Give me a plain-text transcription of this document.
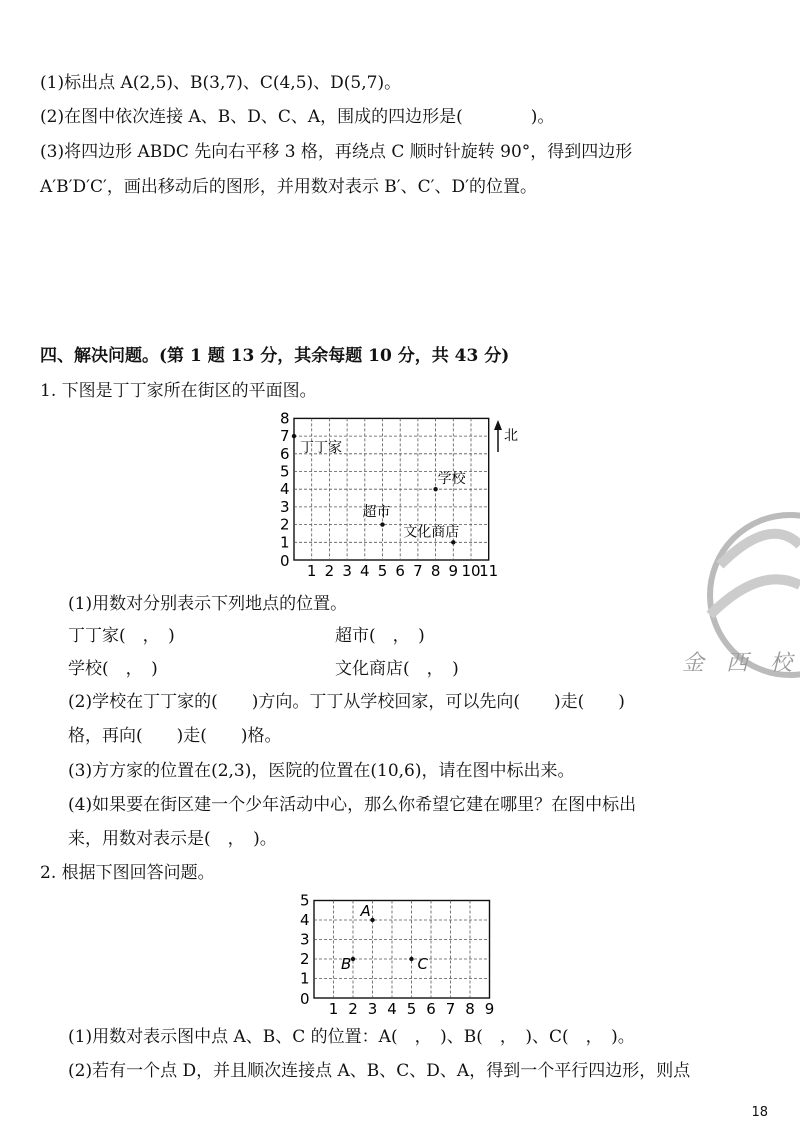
(1)标出点 A(2,5)、B(3,7)、C(4,5)、D(5,7)。
(2)在图中依次连接 A、B、D、C、A，围成的四边形是(　　　　)。
(3)将四边形 ABDC 先向右平移 3 格，再绕点 C 顺时针旋转 90°，得到四边形
A′B′D′C′，画出移动后的图形，并用数对表示 B′、C′、D′的位置。
四、解决问题。(第 1 题 13 分，其余每题 10 分，共 43 分)
1. 下图是丁丁家所在街区的平面图。
0
1 2 3 4 5 6 7 8 9 10
11
1
2
3
4
5
6
7
8
丁丁家
超市
学校
文化商店
北
(1)用数对分别表示下列地点的位置。
丁丁家(　，　)	超市(　，　)
学校(　，　)	文化商店(　，　)
(2)学校在丁丁家的(　　)方向。丁丁从学校回家，可以先向(　　)走(　　)
格，再向(　　)走(　　)格。
(3)方方家的位置在(2,3)，医院的位置在(10,6)，请在图中标出来。
(4)如果要在街区建一个少年活动中心，那么你希望它建在哪里？在图中标出
来，用数对表示是(　，　)。
2. 根据下图回答问题。
0
1 2 3 4 5 6 7 8 9
1
2
3
4
5
A
B	C
(1)用数对表示图中点 A、B、C 的位置：A(　，　)、B(　，　)、C(　，　)。
(2)若有一个点 D，并且顺次连接点 A、B、C、D、A，得到一个平行四边形，则点
金　西　校
18
